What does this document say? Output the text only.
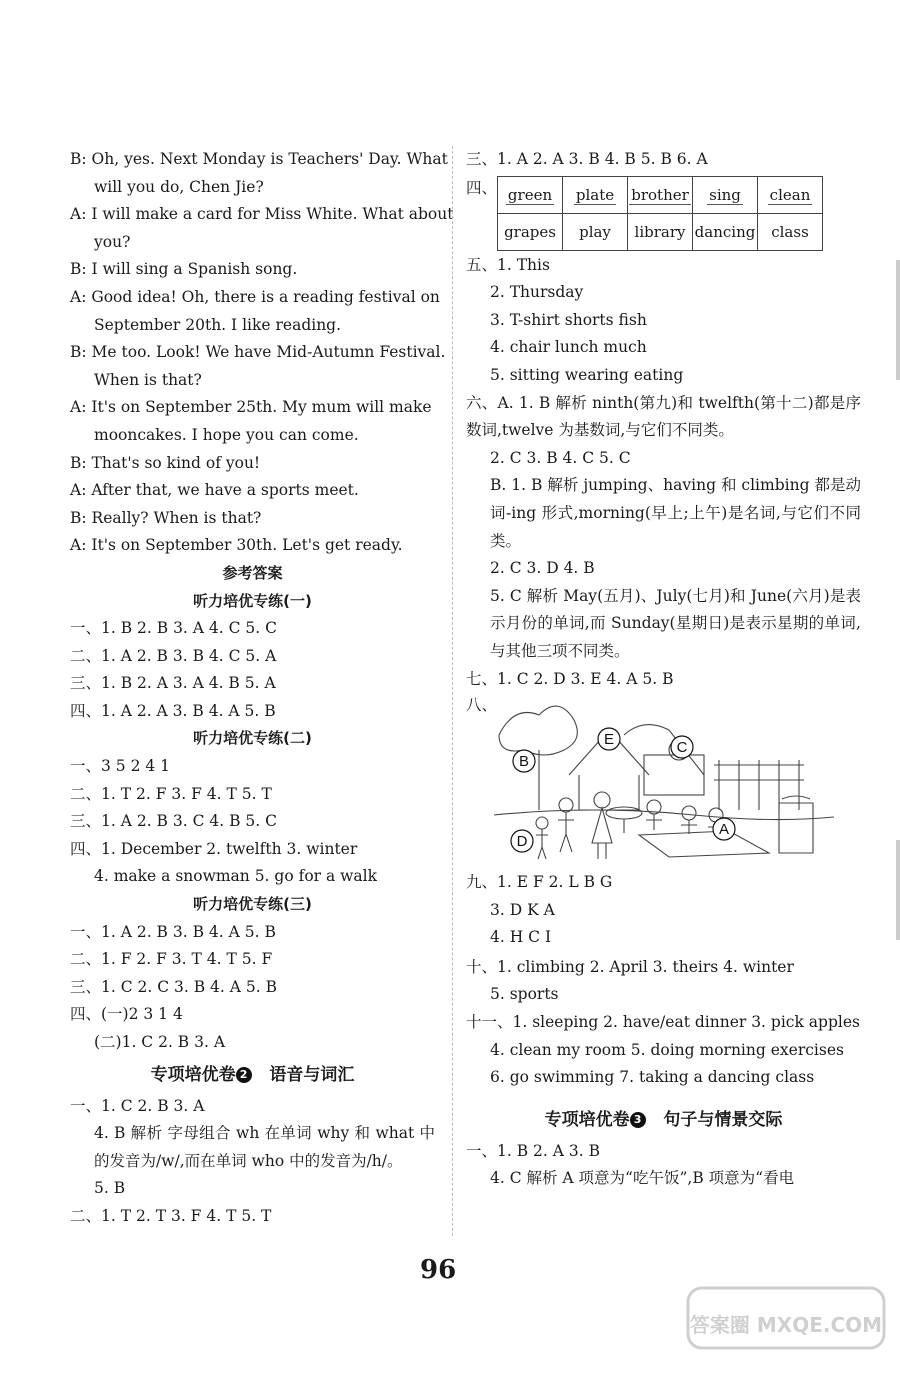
B: Oh, yes. Next Monday is Teachers' Day. What
will you do, Chen Jie?
A: I will make a card for Miss White. What about
you?
B: I will sing a Spanish song.
A: Good idea! Oh, there is a reading festival on
September 20th. I like reading.
B: Me too. Look! We have Mid-Autumn Festival.
When is that?
A: It's on September 25th. My mum will make
mooncakes. I hope you can come.
B: That's so kind of you!
A: After that, we have a sports meet.
B: Really? When is that?
A: It's on September 30th. Let's get ready.
参考答案
听力培优专练(一)
一、1. B 2. B 3. A 4. C 5. C
二、1. A 2. B 3. B 4. C 5. A
三、1. B 2. A 3. A 4. B 5. A
四、1. A 2. A 3. B 4. A 5. B
听力培优专练(二)
一、3 5 2 4 1
二、1. T 2. F 3. F 4. T 5. T
三、1. A 2. B 3. C 4. B 5. C
四、1. December 2. twelfth 3. winter
4. make a snowman 5. go for a walk
听力培优专练(三)
一、1. A 2. B 3. B 4. A 5. B
二、1. F 2. F 3. T 4. T 5. F
三、1. C 2. C 3. B 4. A 5. B
四、(一)2 3 1 4
(二)1. C 2. B 3. A
专项培优卷 2 语音与词汇
一、1. C 2. B 3. A
4. B 解析 字母组合 wh 在单词 why 和 what 中的发音为/w/,而在单词 who 中的发音为/h/。
5. B
二、1. T 2. T 3. F 4. T 5. T
三、1. A 2. A 3. B 4. B 5. B 6. A
四、 green	plate	brother	sing	clean
grapes	play	library	dancing	class
五、1. This
2. Thursday
3. T-shirt shorts fish
4. chair lunch much
5. sitting wearing eating
六、A. 1. B 解析 ninth(第九)和 twelfth(第十二)都是序数词,twelve 为基数词,与它们不同类。
2. C 3. B 4. C 5. C
B. 1. B 解析 jumping、having 和 climbing 都是动词-ing 形式,morning(早上;上午)是名词,与它们不同类。
2. C 3. D 4. B
5. C 解析 May(五月)、July(七月)和 June(六月)是表示月份的单词,而 Sunday(星期日)是表示星期的单词,与其他三项不同类。
七、1. C 2. D 3. E 4. A 5. B
八、
A
B
C
D
E
九、1. E F 2. L B G
3. D K A
4. H C I
十、1. climbing 2. April 3. theirs 4. winter
5. sports
十一、1. sleeping 2. have/eat dinner 3. pick apples
4. clean my room 5. doing morning exercises
6. go swimming 7. taking a dancing class
专项培优卷 3 句子与情景交际
一、1. B 2. A 3. B
4. C 解析 A 项意为“吃午饭”,B 项意为“看电
96
答案圈 MXQE.COM
